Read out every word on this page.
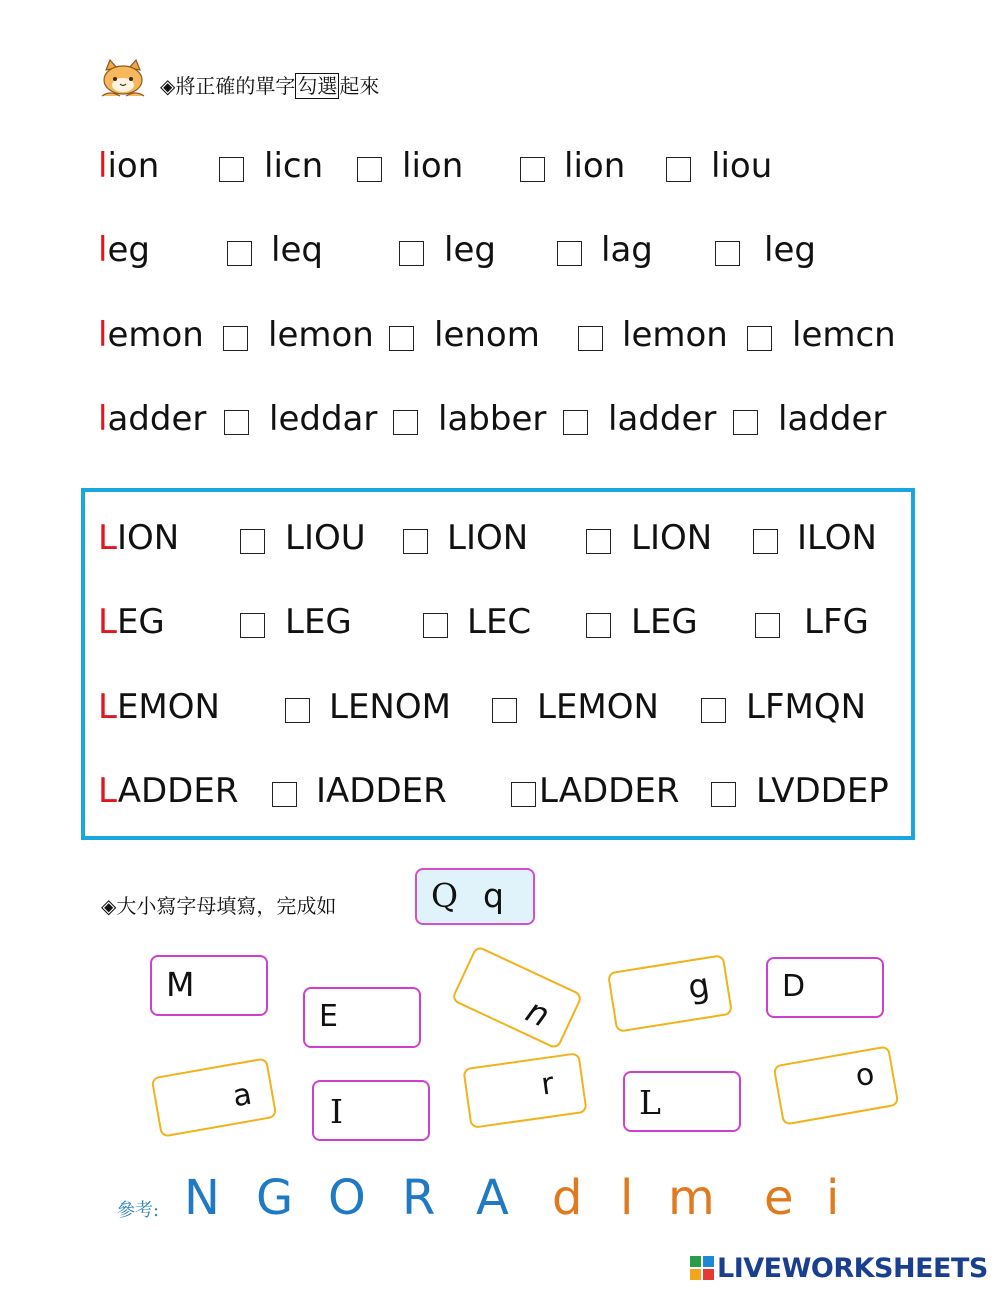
◈將正確的單字 勾選 起來
lion	licn lion	lion	liou
leg	leq	leg	lag	leg
lemon lemon lenom lemon lemcn
ladder leddar labber ladder ladder
LION	LIOU LION	LION ILON
LEG	LEG	LEC	LEG	LFG
LEMON	LENOM	LEMON	LFMQN
LADDER IADDER	LADDER LVDDEP
◈大小寫字母填寫，完成如	Q q
M
E	n
g D
a I
r	L
o
參考: N G O R A d l m e i
LIVEWORKSHEETS
